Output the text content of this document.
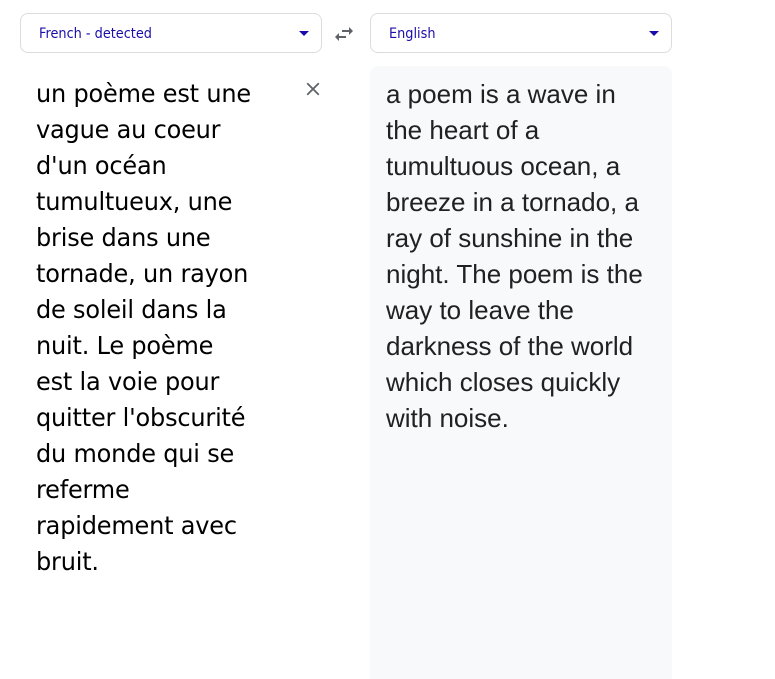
French - detected	English
un poème est une vague au coeur d'un océan tumultueux, une brise dans une tornade, un rayon de soleil dans la nuit. Le poème est la voie pour quitter l'obscurité du monde qui se referme rapidement avec bruit.
a poem is a wave in the heart of a tumultuous ocean, a breeze in a tornado, a ray of sunshine in the night. The poem is the way to leave the darkness of the world which closes quickly with noise.
